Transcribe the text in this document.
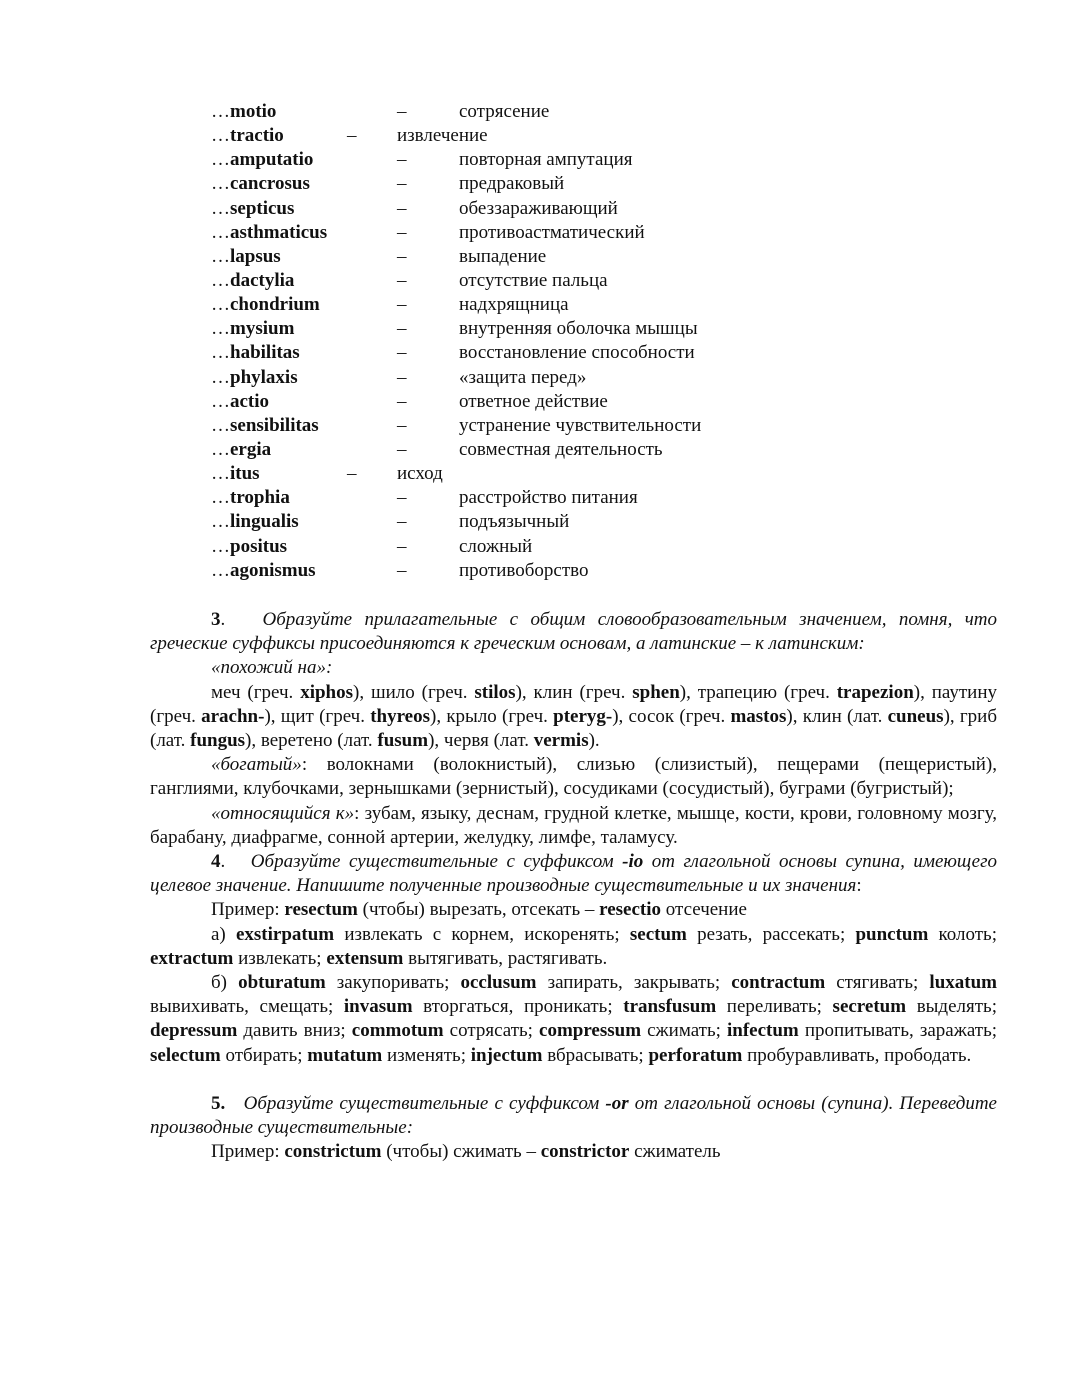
…motio	–	сотрясение
…tractio	– извлечение
…amputatio	–	повторная ампутация
…cancrosus	–	предраковый
…septicus	–	обеззараживающий
…asthmaticus	–	противоастматический
…lapsus	–	выпадение
…dactylia	–	отсутствие пальца
…chondrium	–	надхрящница
…mysium	–	внутренняя оболочка мышцы
…habilitas	–	восстановление способности
…phylaxis	–	«защита перед»
…actio	–	ответное действие
…sensibilitas	–	устранение чувствительности
…ergia	–	совместная деятельность
…itus	– исход
…trophia	–	расстройство питания
…lingualis	–	подъязычный
…positus	–	сложный
…agonismus	–	противоборство

3. Образуйте прилагательные с общим словообразовательным значением, помня, что греческие суффиксы присоединяются к греческим основам, а латинские – к латинским:

«похожий на»:

меч (греч. xiphos), шило (греч. stilos), клин (греч. sphen), трапецию (греч. trapezion), паутину (греч. arachn-), щит (греч. thyreos), крыло (греч. pteryg-), сосок (греч. mastos), клин (лат. cuneus), гриб (лат. fungus), веретено (лат. fusum), червя (лат. vermis).

«богатый»: волокнами (волокнистый), слизью (слизистый), пещерами (пещеристый), ганглиями, клубочками, зернышками (зернистый), сосудиками (сосудистый), буграми (бугристый);

«относящийся к»: зубам, языку, деснам, грудной клетке, мышце, кости, крови, головному мозгу, барабану, диафрагме, сонной артерии, желудку, лимфе, таламусу.

4. Образуйте существительные с суффиксом -io от глагольной основы супина, имеющего целевое значение. Напишите полученные производные существительные и их значения:

Пример: resectum (чтобы) вырезать, отсекать – resectio отсечение

а) exstirpatum извлекать с корнем, искоренять; sectum резать, рассекать; punctum колоть; extractum извлекать; extensum вытягивать, растягивать.

б) obturatum закупоривать; occlusum запирать, закрывать; contractum стягивать; luxatum вывихивать, смещать; invasum вторгаться, проникать; transfusum переливать; secretum выделять; depressum давить вниз; commotum сотрясать; compressum сжимать; infectum пропитывать, заражать; selectum отбирать; mutatum изменять; injectum вбрасывать; perforatum пробуравливать, прободать.

5. Образуйте существительные с суффиксом -or от глагольной основы (супина). Переведите производные существительные:

Пример: constrictum (чтобы) сжимать – constrictor сжиматель
